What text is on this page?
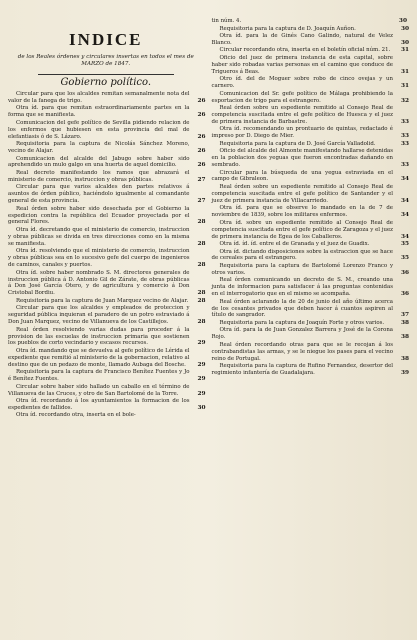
INDICE
de los Reales órdenes y circulares insertas en todos el mes de MARZO de 1847.
Gobierno político.
Circular para que los alcaldes remitan semanalmente nota del valor de la fanega de trigo.	26
Otra íd. para que remitan estraordinariamente partes en la forma que se manifiesta.	26
Comunicacion del gefe político de Sevilla pidiendo relacion de los enfermos que hubiesen en esta provincia del mal de elefantiasis ó de S. Lázaro.	26
Requisitoria para la captura de Nicolás Sánchez Moreno, vecino de Alajar.	26
Comunicacion del alcalde del Jabugo sobre haber sido aprehendido un mulo galgo en una huerta de aquel domicilio.	26
Real decreto manifestando los ramos que abrazará el ministerio de comercio, instruccion y obras públicas.	27
Circular para que varios alcaldes den partes relativos á asuntos de órden público, haciéndolo igualmente al comandante general de esta provincia.	27
Real órden sobre haber sido desechada por el Gobierno la espedicion contra la república del Ecuador proyectada por el general Flores.	28
Otra íd. decretando que el ministerio de comercio, instruccion y obras públicas se divida en tres direcciones como en la misma se manifiesta.	28
Otra íd. resolviendo que el ministerio de comercio, instruccion y obras públicas sea en lo sucesivo gefe del cuerpo de ingenieros de caminos, canales y puertos.	28
Otra íd. sobre haber nombrado S. M. directores generales de instruccion pública á D. Antonio Gil de Zárate, de obras públicas á Don José García Otero, y de agricultura y comercio á Don Cristobal Bordiu.	28
Requisitoria para la captura de Juan Marquez vecino de Alajar.	28
Circular para que los alcaldes y empleados de proteccion y seguridad pública inquieran el paradero de un potro estraviado á Don Juan Marquez, vecino de Villanueva de los Castillejos.	28
Real órden resolviendo varias dudas para proceder á la provision de las escuelas de instruccion primaria que sostienen los pueblos de corto vecindario y escasos recursos.	29
Otra íd. mandando que se devuelva al gefe político de Lérida el expediente que remitió al ministerio de la gobernacion, relativo al destino que de un pedazo de monte, llamado Aubaga del Bosche.	29
Requisitoria para la captura de Francisco Benítez Fuentes y Jo é Benítez Fuentes.	29
Circular sobre haber sido hallado un caballo en el término de Villanueva de las Cruces, y otro de San Bartolomé de la Torre.	29
Otra íd. recordando á los ayuntamientos la formacion de los espedientes de fallidos.	30
Otra íd. recordando otra, inserta en el bole-
tin núm. 4.	30
Requisitoria para la captura de D. Joaquín Auñon.	30
Otra íd. para la de Ginés Cano Galindo, natural de Velez Blanco.	30
Circular recordando otra, inserta en el boletín oficial núm. 21.	31
Oficio del juez de primera instancia de esta capital, sobre haber sido robadas varias personas en el camino que conduce de Trigueros á Beas.	31
Otro íd. del de Moguer sobre robo de cinco ovejas y un carnero.	31
Comunicacion del Sr. gefe político de Málaga prohibiendo la esportacion de trigo para el estrangero.	32
Real órden sobre un espediente remitido al Consejo Real de competencia suscitada entre el gefe político de Huesca y el juez de primera instancia de Barbastre.	33
Otra íd. recomendando un prontuario de quintas, redactado é impreso por D. Diego de Mier.	33
Requisitoria para la captura de D. José García Valladolid.	33
Oficio del alcalde del Almonte manifestando hallarse detenidas en la poblacion dos yeguas que fueron encontradas dañando en sembrado.	33
Circular para la búsqueda de una yegua estraviada en el campo de Gibraleon.	34
Real órden sobre un espediente remitido al Consejo Real de competencia suscitada entre el gefe político de Santander y el juez de primera instancia de Villacarriedo.	34
Otra íd. para que se observe lo mandado en la de 7 de noviembre de 1839, sobre los militares enfermos.	34
Otra íd. sobre un espediente remitido al Consejo Real de competencia suscitada entre el gefe político de Zaragoza y el juez de primera instancia de Egea de los Caballeros.	34
Otra íd. íd. íd. entre el de Granada y el juez de Guadix.	35
Otra íd. dictando disposiciones sobre la estraccion que se hace de cereales para el estrangero.	35
Requisitoria para la captura de Bartolomé Lorenzo Franco y otros varios.	36
Real órden comunicando un decreto de S. M., creando una junta de informacion para satisfacer á las preguntas contenidas en el interrogatorio que en el mismo se acompaña.	36
Real órden aclarando la de 20 de junio del año último acerca de los cesantes privados que deben hacer á cuantos aspiren al título de sangrador.	37
Requisitoria para la captura de Joaquín Forte y otros varios.	38
Otra íd. para la de Juan Gonzalez Barrera y José de la Corona Rojo.	38
Real órden recordando otras para que se le recojan á los contrabandistas las armas, y se le niegue los pases para el vecino reino de Portugal.	38
Requisitoria para la captura de Rufino Fernandez, desertor del regimiento infantería de Guadalajara.	39
